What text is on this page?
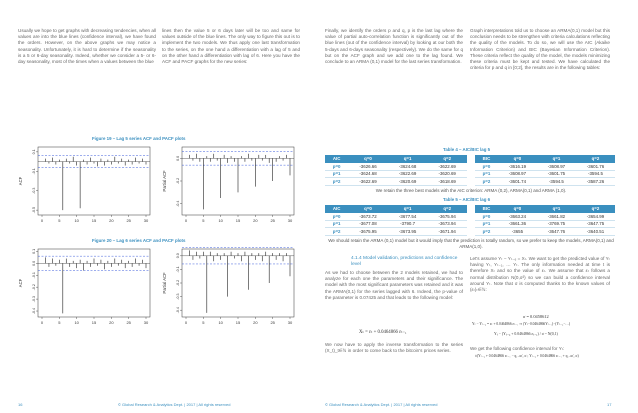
Usually we hope to get graphs with decreasing tendencies, when all values are into the blue lines (confidence interval), we have found the orders. However, on the above graphs we may notice a seasonality. Unfortunately, it is hard to determine if the seasonality is a 5 or 6-day seasonality. Indeed, whether we consider a 5- or 6-day seasonality, most of the times when a values between the blue
lines then the value 5 or 6 days later will be too and same for values outside of the blue lines. The only way to figure this out is to implement the two models. We thus apply one last transformation to the series, on the one hand a differentiation with a lag of 5 and on the other hand a differentiation with lag of 6. Here you have the ACF and PACF graphs for the new series:
Figure 19 – Lag 5 series ACF and PACF plots
0	5	10	15	20	25	30
0.1
-0.1
-0.3
-0.5
ACF
0	5	10	15	20	25	30
0.0
-0.2
-0.4
Partial ACF
Figure 20 – Lag 6 series ACF and PACF plots
0	5	10	15	20	25	30
0.1
0.0
-0.1
-0.2
-0.3
-0.4
ACF
0	5	10	15	20	25	30
0.0
-0.1
-0.2
-0.3
-0.4
Partial ACF
16	© Global Research & Analytics Dept. | 2017 | All rights reserved
Finally, we identify the orders p and q, p is the last lag where the value of partial auto-correlation function is significantly out of the blue lines (out of the confidence interval) by looking at our both the 5-days and 6-days seasonality (respectively). We do the same for q but on the ACF graph and we add one to the lag found. We conclude to an ARMA (0,1) model for the last series transformation.
Graph interpretations told us to choose an ARMA(0,1) model but this conclusion needs to be strengthen with criteria calculations reflecting the quality of the models. To do so, we will use the AIC (Akaike Information Criterion) and BIC (Bayesian Information Criterion). These criteria reflect the quality of the model, the models minimizing these criteria must be kept and tested. We have calculated the criteria for p and q in [0;2], the results are in the following tables:
Table 4 – AIC/BIC lag 5
AIC	q=0	q=1	q=2
p=0	-3626.66	-3624.68	-3622.69
p=1	-3624.68	-3622.69	-3620.69
p=2	-3622.69	-3620.69	-3618.69
BIC	q=0	q=1	q=2
p=0	-3616.19	-3608.97	-3601.76
p=1	-3608.97	-3601.75	-3594.5
p=2	-3601.74	-3594.5	-3587.26
We retain the three best models with the AIC criterion: ARMA (0,2), ARMA(0,1) and ARMA (1,0).
Table 5 – AIC/BIC lag 6
AIC	q=0	q=1	q=2
p=0	-3673.72	-3677.54	-3675.94
p=1	-3677.08	-3790.7	-3673.94
p=2	-3675.95	-3673.95	-3671.94
BIC	q=0	q=1	q=2
p=0	-3663.24	-3661.82	-3654.99
p=1	-3661.36	-3769.75	-3647.75
p=2	-3655	-3647.76	-3640.51
We should retain the ARMA (0,1) model but it would imply that the prediction is totally random, so we prefer to keep the models, ARMA(0,1) and ARMA(1,0).
4.1.4 Model validation, predictions and confidence level
As we had to choose between the 2 models retained, we had to analyze for each one the parameters and their significance. The model with the most significant parameters was retained and it was the ARMA(0,1) for the series lagged with 6. Indeed, the p-value of the parameter is 0.07425 and that leads to the following model:
Xₜ = εₜ + 0.0464866 εₜ₋₁
We now have to apply the inverse transformation to the series (X_t)_t∈ℕ in order to come back to the bitcoin's prices series.
Let's assume Yₜ − Yₜ₋₆ = Xₜ. We want to get the predicted value of Yₜ having Yₜ, Yₜ₋₁, … Yₜ. The only information needed at time t is therefore Xₜ and so the value of εₜ. We assume that εₜ follows a normal distribution N(0,σ²) so we can build a confidence interval around Yₜ. Note that σ is computed thanks to the known values of (εₜ)ₜ∈ℕ:
σ = 0.0458612
Yₜ − Yₜ₋₆ = εₜ + 0.0464866 εₜ₋₁ ⇒ (Yₜ−0.0464866Yₜ₋₁)−(Yₜ₋₆−…)
Yₜ − (Yₜ₋₆ + 0.0464866 εₜ₋₁) / σ ~ N(0,1)
We get the following confidence interval for Yₜ:
±(Yₜ₋₆ + 0.0464866 εₜ₋₁ − q₁₋α/₂ σ ; Yₜ₋₆ + 0.0464866 εₜ₋₁ + q₁₋α/₂ σ)
© Global Research & Analytics Dept. | 2017 | All rights reserved	17
